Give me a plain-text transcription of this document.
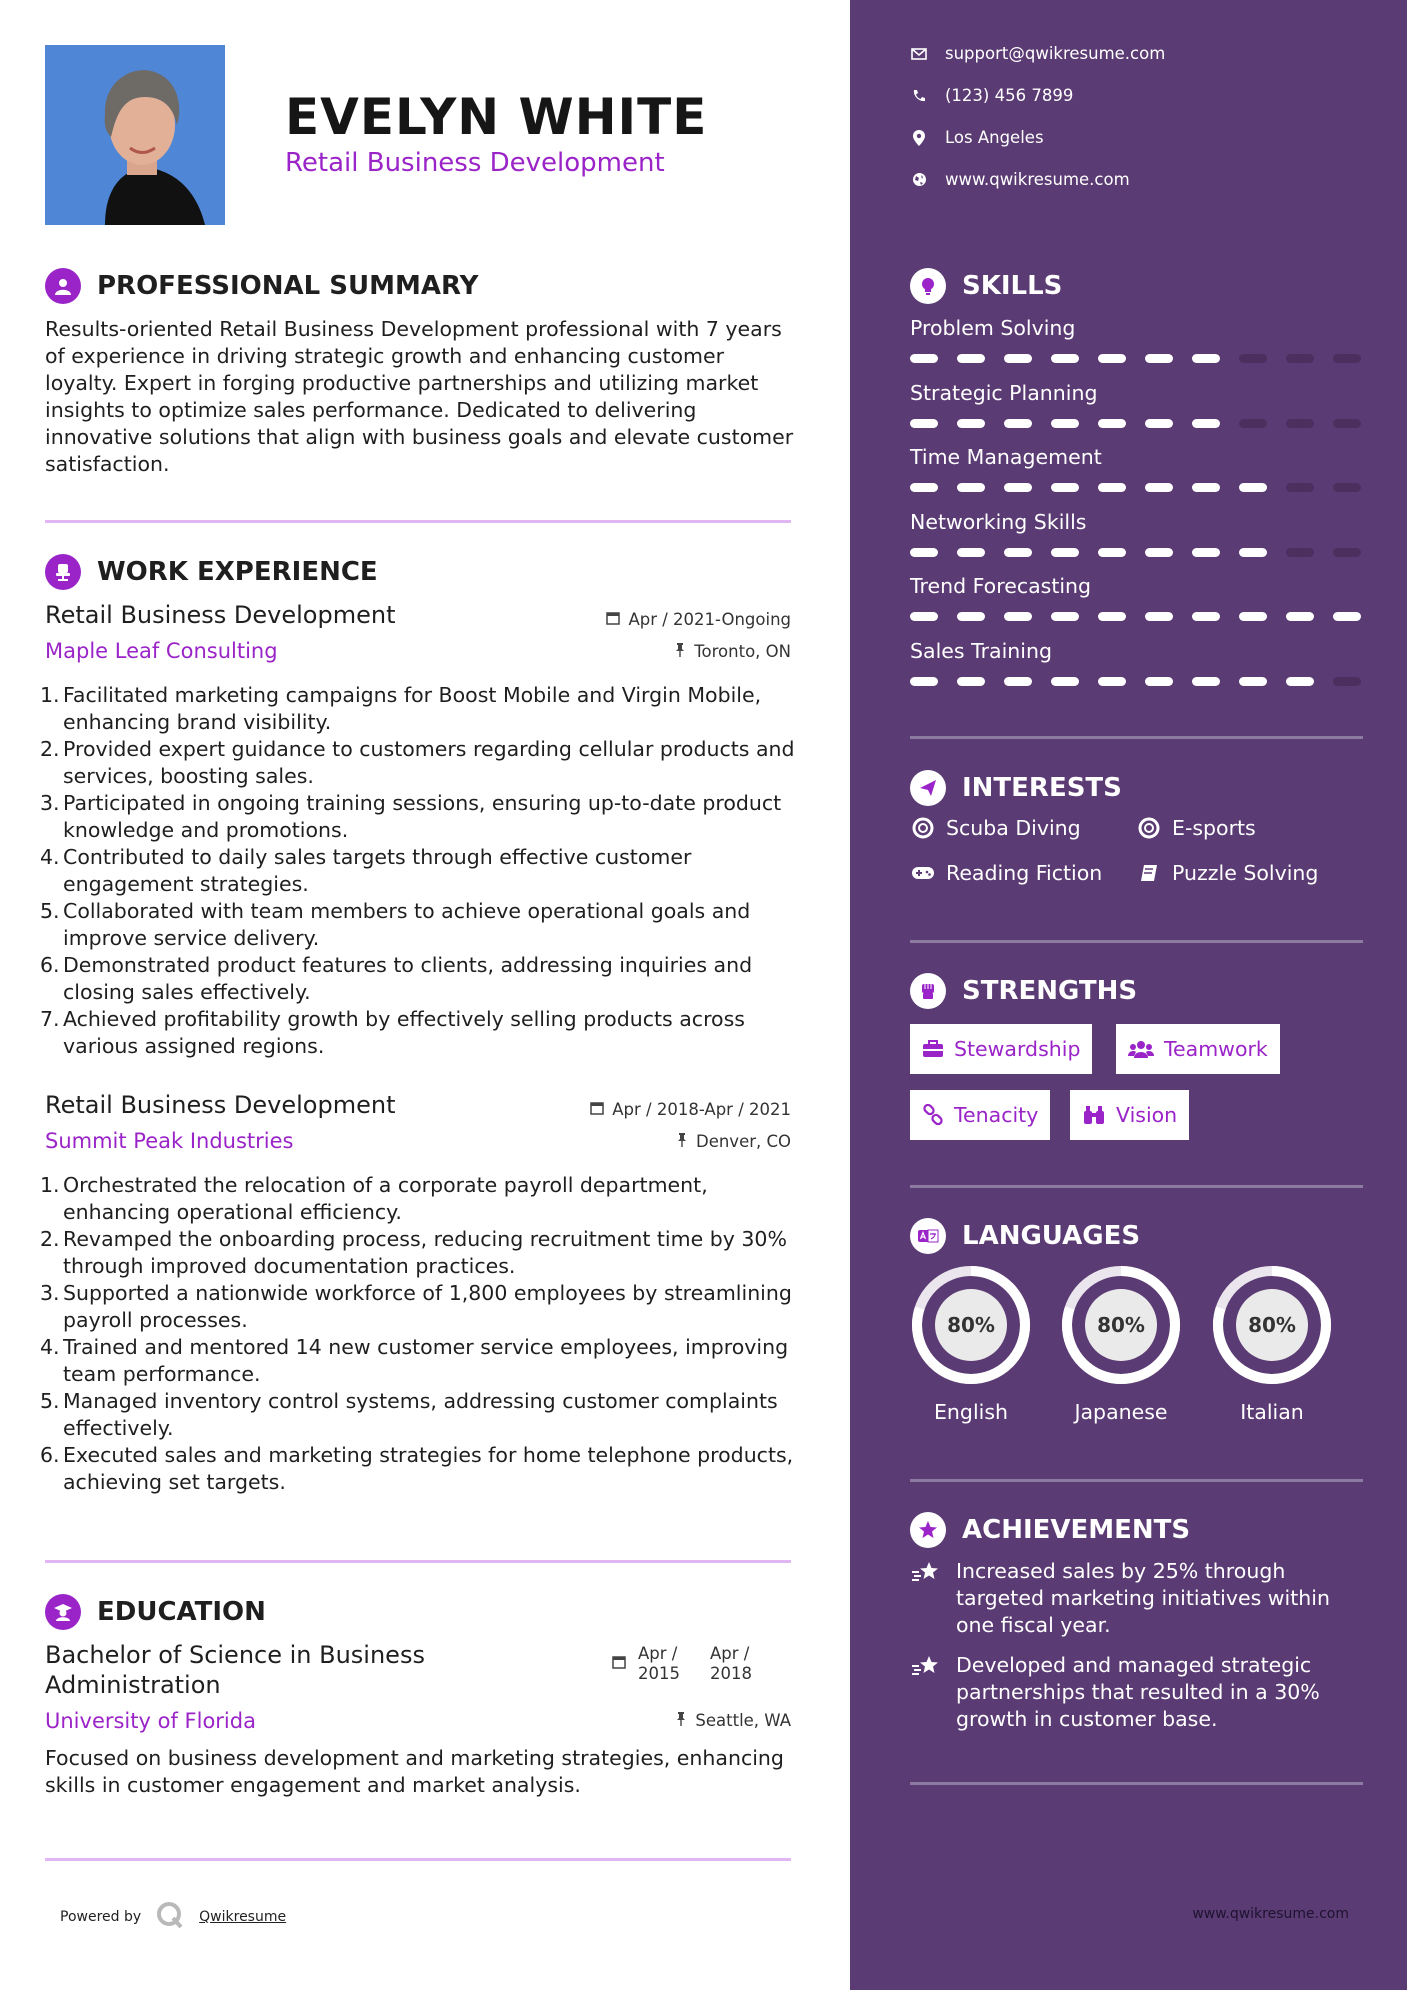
EVELYN WHITE
Retail Business Development
PROFESSIONAL SUMMARY
Results-oriented Retail Business Development professional with 7 years of experience in driving strategic growth and enhancing customer loyalty. Expert in forging productive partnerships and utilizing market insights to optimize sales performance. Dedicated to delivering innovative solutions that align with business goals and elevate customer satisfaction.
WORK EXPERIENCE
Retail Business Development	Apr / 2021-Ongoing
Maple Leaf Consulting	Toronto, ON
1. Facilitated marketing campaigns for Boost Mobile and Virgin Mobile, enhancing brand visibility.
2. Provided expert guidance to customers regarding cellular products and services, boosting sales.
3. Participated in ongoing training sessions, ensuring up-to-date product knowledge and promotions.
4. Contributed to daily sales targets through effective customer engagement strategies.
5. Collaborated with team members to achieve operational goals and improve service delivery.
6. Demonstrated product features to clients, addressing inquiries and closing sales effectively.
7. Achieved profitability growth by effectively selling products across various assigned regions.
Retail Business Development	Apr / 2018-Apr / 2021
Summit Peak Industries	Denver, CO
1. Orchestrated the relocation of a corporate payroll department, enhancing operational efficiency.
2. Revamped the onboarding process, reducing recruitment time by 30% through improved documentation practices.
3. Supported a nationwide workforce of 1,800 employees by streamlining payroll processes.
4. Trained and mentored 14 new customer service employees, improving team performance.
5. Managed inventory control systems, addressing customer complaints effectively.
6. Executed sales and marketing strategies for home telephone products, achieving set targets.
EDUCATION
Bachelor of Science in Business Administration
Apr /
2015
Apr /
2018
University of Florida	Seattle, WA
Focused on business development and marketing strategies, enhancing skills in customer engagement and market analysis.
Powered by	Qwikresume
support@qwikresume.com
(123) 456 7899
Los Angeles
www.qwikresume.com
SKILLS
Problem Solving
Strategic Planning
Time Management
Networking Skills
Trend Forecasting
Sales Training
INTERESTS
Scuba Diving	E-sports
Reading Fiction	Puzzle Solving
STRENGTHS
Stewardship	Teamwork
Tenacity	Vision
LANGUAGES
80%
English
80%
Japanese
80%
Italian
ACHIEVEMENTS
Increased sales by 25% through targeted marketing initiatives within one fiscal year.
Developed and managed strategic partnerships that resulted in a 30% growth in customer base.
www.qwikresume.com
